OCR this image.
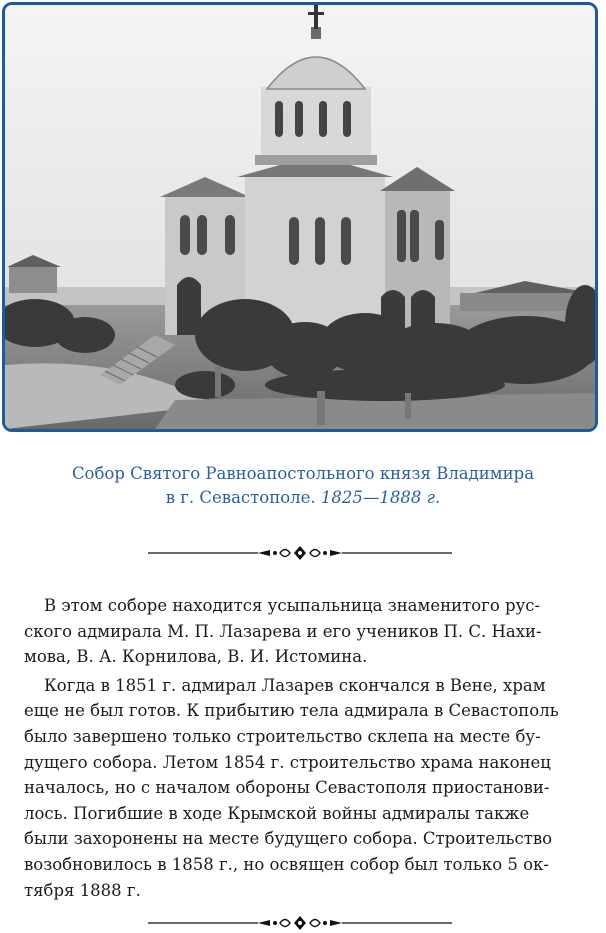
Собор Святого Равноапостольного князя Владимира
в г. Севастополе. 1825—1888 г.
В этом соборе находится усыпальница знаменитого рус-
ского адмирала М. П. Лазарева и его учеников П. С. Нахи-
мова, В. А. Корнилова, В. И. Истомина.
Когда в 1851 г. адмирал Лазарев скончался в Вене, храм
еще не был готов. К прибытию тела адмирала в Севастополь
было завершено только строительство склепа на месте бу-
дущего собора. Летом 1854 г. строительство храма наконец
началось, но с началом обороны Севастополя приостанови-
лось. Погибшие в ходе Крымской войны адмиралы также
были захоронены на месте будущего собора. Строительство
возобновилось в 1858 г., но освящен собор был только 5 ок-
тября 1888 г.
